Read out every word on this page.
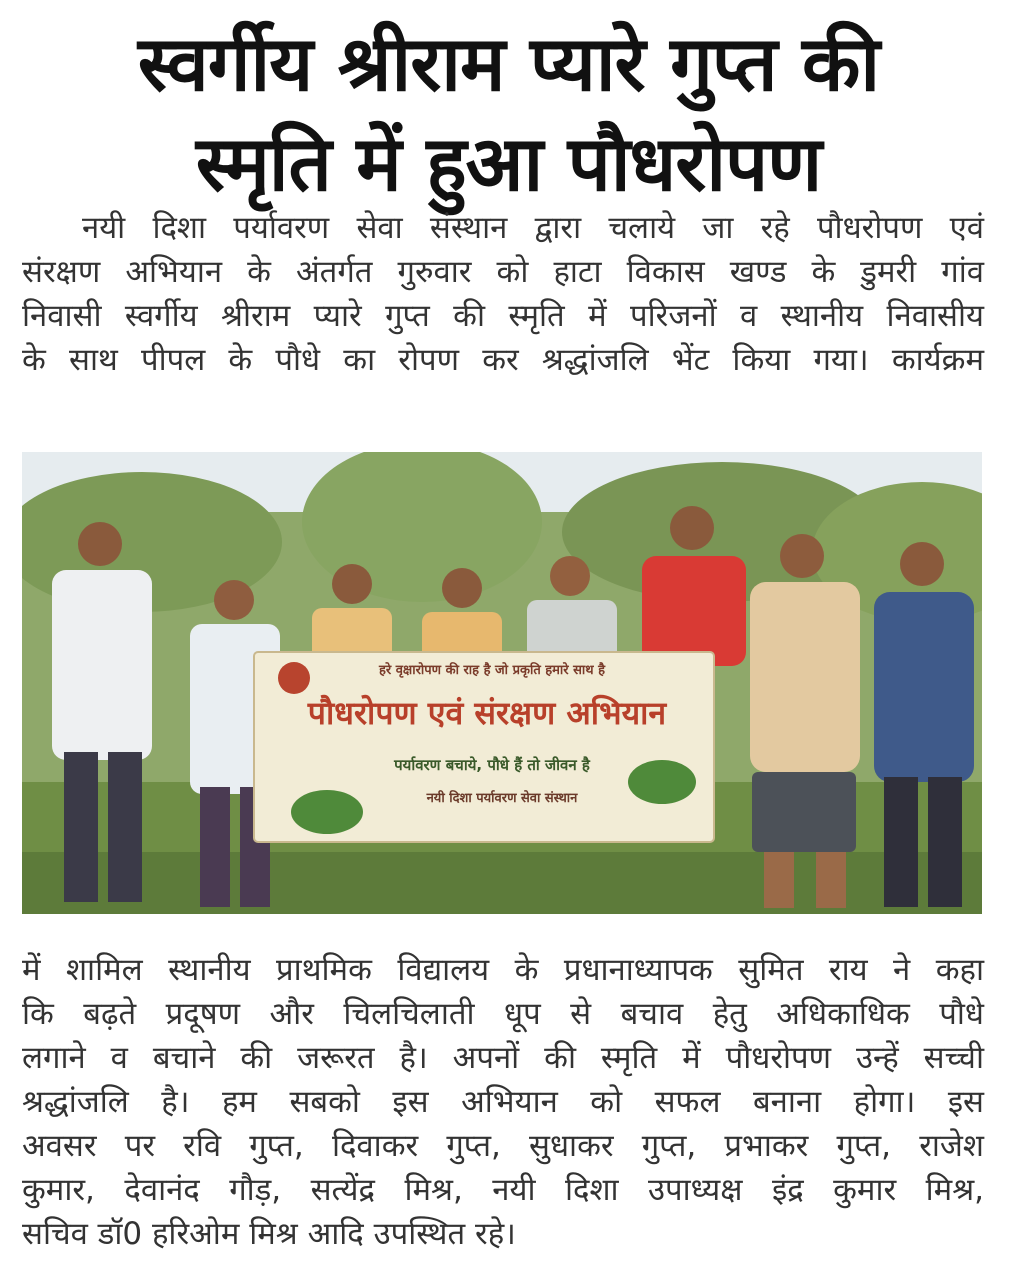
स्वर्गीय श्रीराम प्यारे गुप्त की
स्मृति में हुआ पौधरोपण
नयी दिशा पर्यावरण सेवा संस्थान द्वारा चलाये जा रहे पौधरोपण एवं
संरक्षण अभियान के अंतर्गत गुरुवार को हाटा विकास खण्ड के डुमरी गांव
निवासी स्वर्गीय श्रीराम प्यारे गुप्त की स्मृति में परिजनों व स्थानीय निवासीय
के साथ पीपल के पौधे का रोपण कर श्रद्धांजलि भेंट किया गया। कार्यक्रम
हरे वृक्षारोपण की राह है जो प्रकृति हमारे साथ है
पौधरोपण एवं संरक्षण अभियान
पर्यावरण बचाये, पौधे हैं तो जीवन है
नयी दिशा पर्यावरण सेवा संस्थान
में शामिल स्थानीय प्राथमिक विद्यालय के प्रधानाध्यापक सुमित राय ने कहा
कि बढ़ते प्रदूषण और चिलचिलाती धूप से बचाव हेतु अधिकाधिक पौधे
लगाने व बचाने की जरूरत है। अपनों की स्मृति में पौधरोपण उन्हें सच्ची
श्रद्धांजलि है। हम सबको इस अभियान को सफल बनाना होगा। इस
अवसर पर रवि गुप्त, दिवाकर गुप्त, सुधाकर गुप्त, प्रभाकर गुप्त, राजेश
कुमार, देवानंद गौड़, सत्येंद्र मिश्र, नयी दिशा उपाध्यक्ष इंद्र कुमार मिश्र,
सचिव डॉ0 हरिओम मिश्र आदि उपस्थित रहे।
